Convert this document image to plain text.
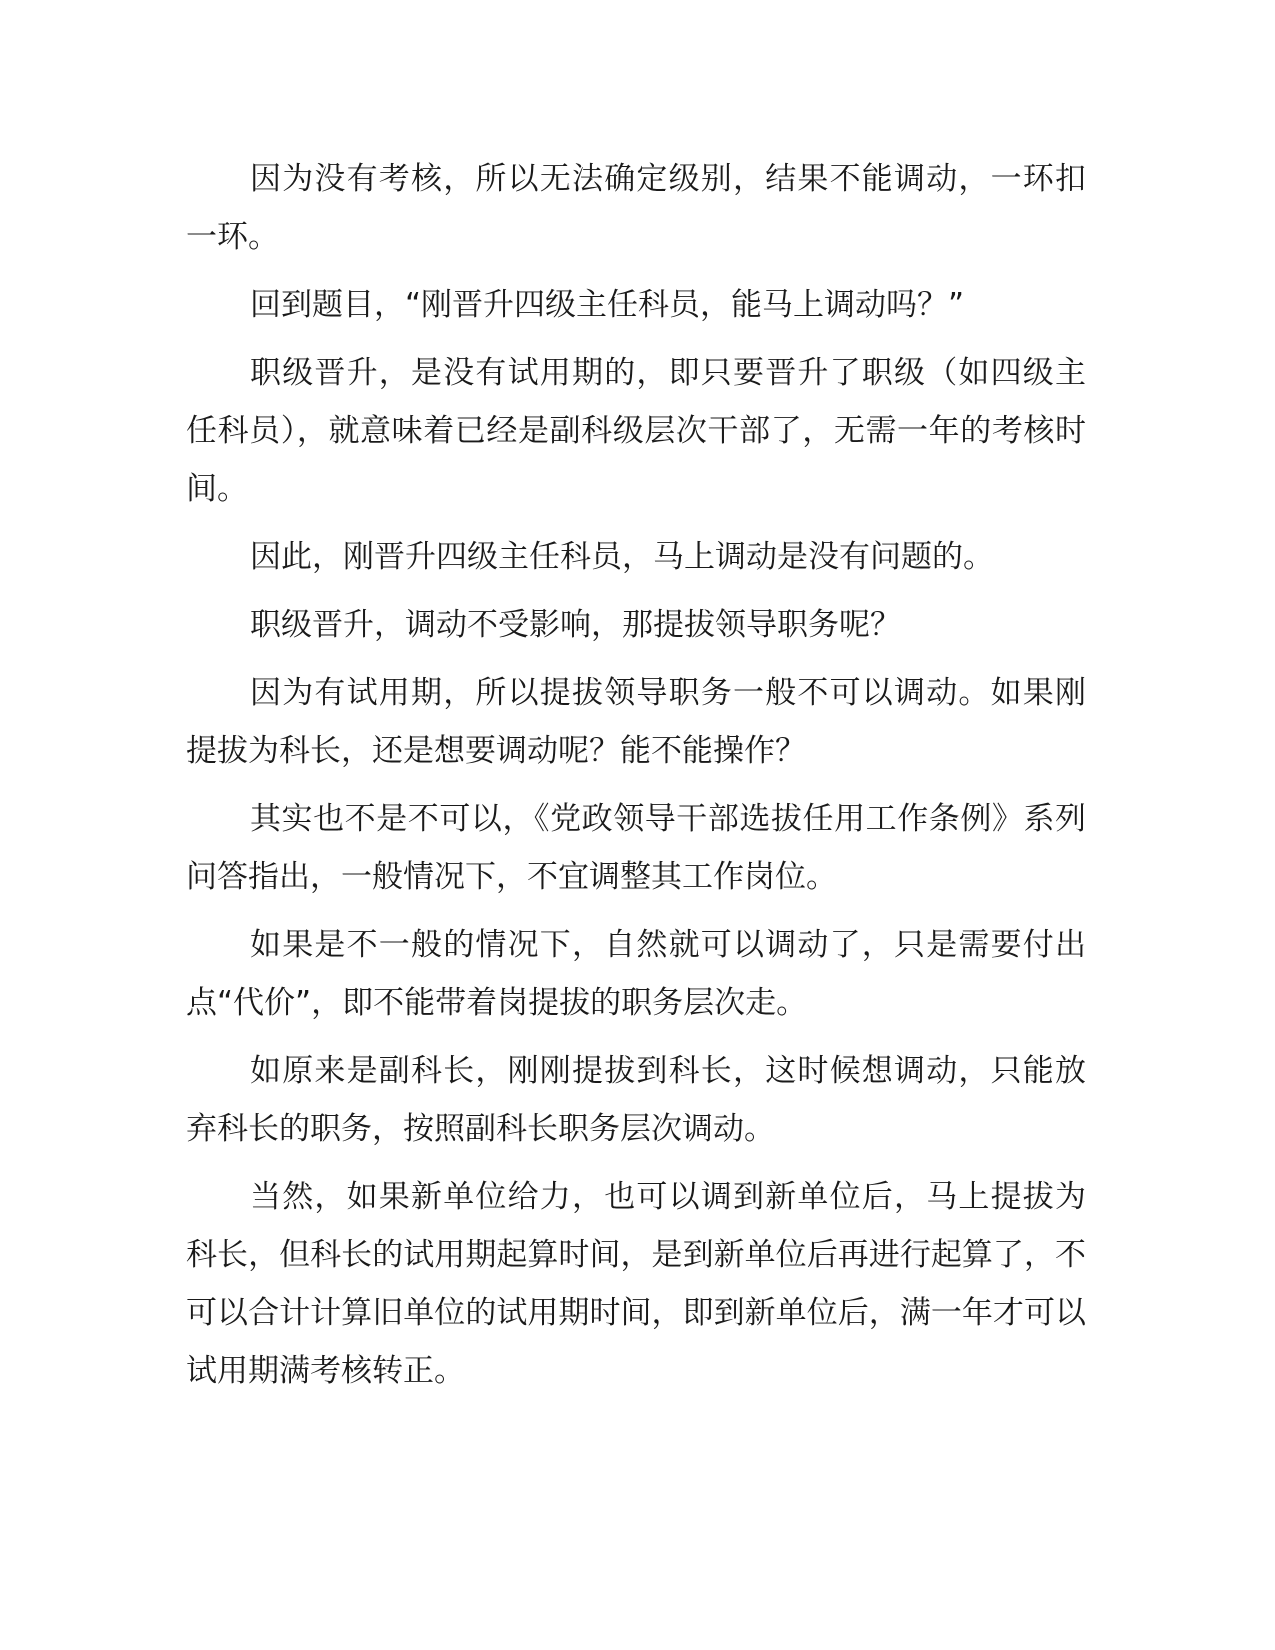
因为没有考核，所以无法确定级别，结果不能调动，一环扣一环。

回到题目，“刚晋升四级主任科员，能马上调动吗？”

职级晋升，是没有试用期的，即只要晋升了职级（如四级主任科员），就意味着已经是副科级层次干部了，无需一年的考核时间。

因此，刚晋升四级主任科员，马上调动是没有问题的。

职级晋升，调动不受影响，那提拔领导职务呢？

因为有试用期，所以提拔领导职务一般不可以调动。如果刚提拔为科长，还是想要调动呢？能不能操作？

其实也不是不可以，《党政领导干部选拔任用工作条例》系列问答指出，一般情况下，不宜调整其工作岗位。

如果是不一般的情况下，自然就可以调动了，只是需要付出点“代价”，即不能带着岗提拔的职务层次走。

如原来是副科长，刚刚提拔到科长，这时候想调动，只能放弃科长的职务，按照副科长职务层次调动。

当然，如果新单位给力，也可以调到新单位后，马上提拔为科长，但科长的试用期起算时间，是到新单位后再进行起算了，不可以合计计算旧单位的试用期时间，即到新单位后，满一年才可以试用期满考核转正。
